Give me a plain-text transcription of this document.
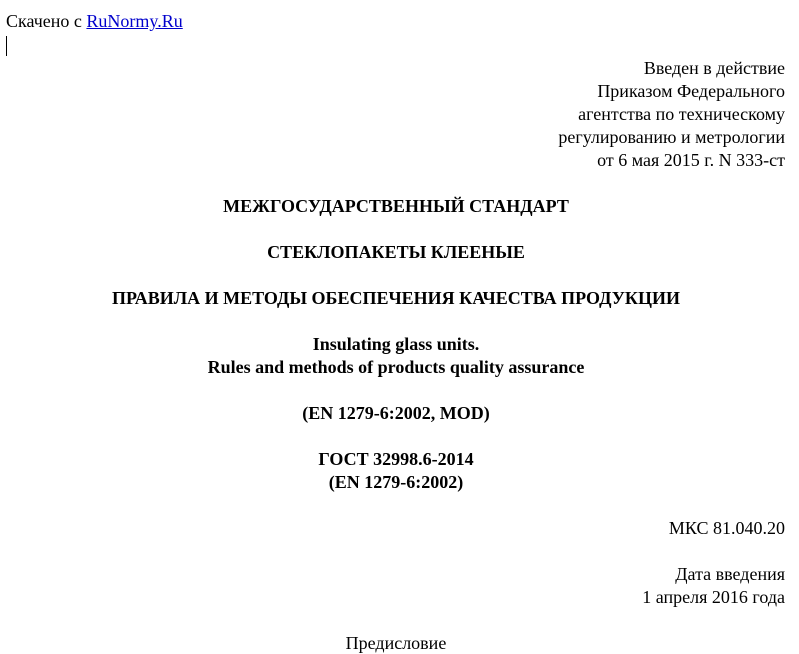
Скачено с RuNormy.Ru
Введен в действие
Приказом Федерального
агентства по техническому
регулированию и метрологии
от 6 мая 2015 г. N 333-ст
МЕЖГОСУДАРСТВЕННЫЙ СТАНДАРТ
СТЕКЛОПАКЕТЫ КЛЕЕНЫЕ
ПРАВИЛА И МЕТОДЫ ОБЕСПЕЧЕНИЯ КАЧЕСТВА ПРОДУКЦИИ
Insulating glass units.
Rules and methods of products quality assurance
(EN 1279-6:2002, MOD)
ГОСТ 32998.6-2014
(EN 1279-6:2002)
МКС 81.040.20
Дата введения
1 апреля 2016 года
Предисловие
